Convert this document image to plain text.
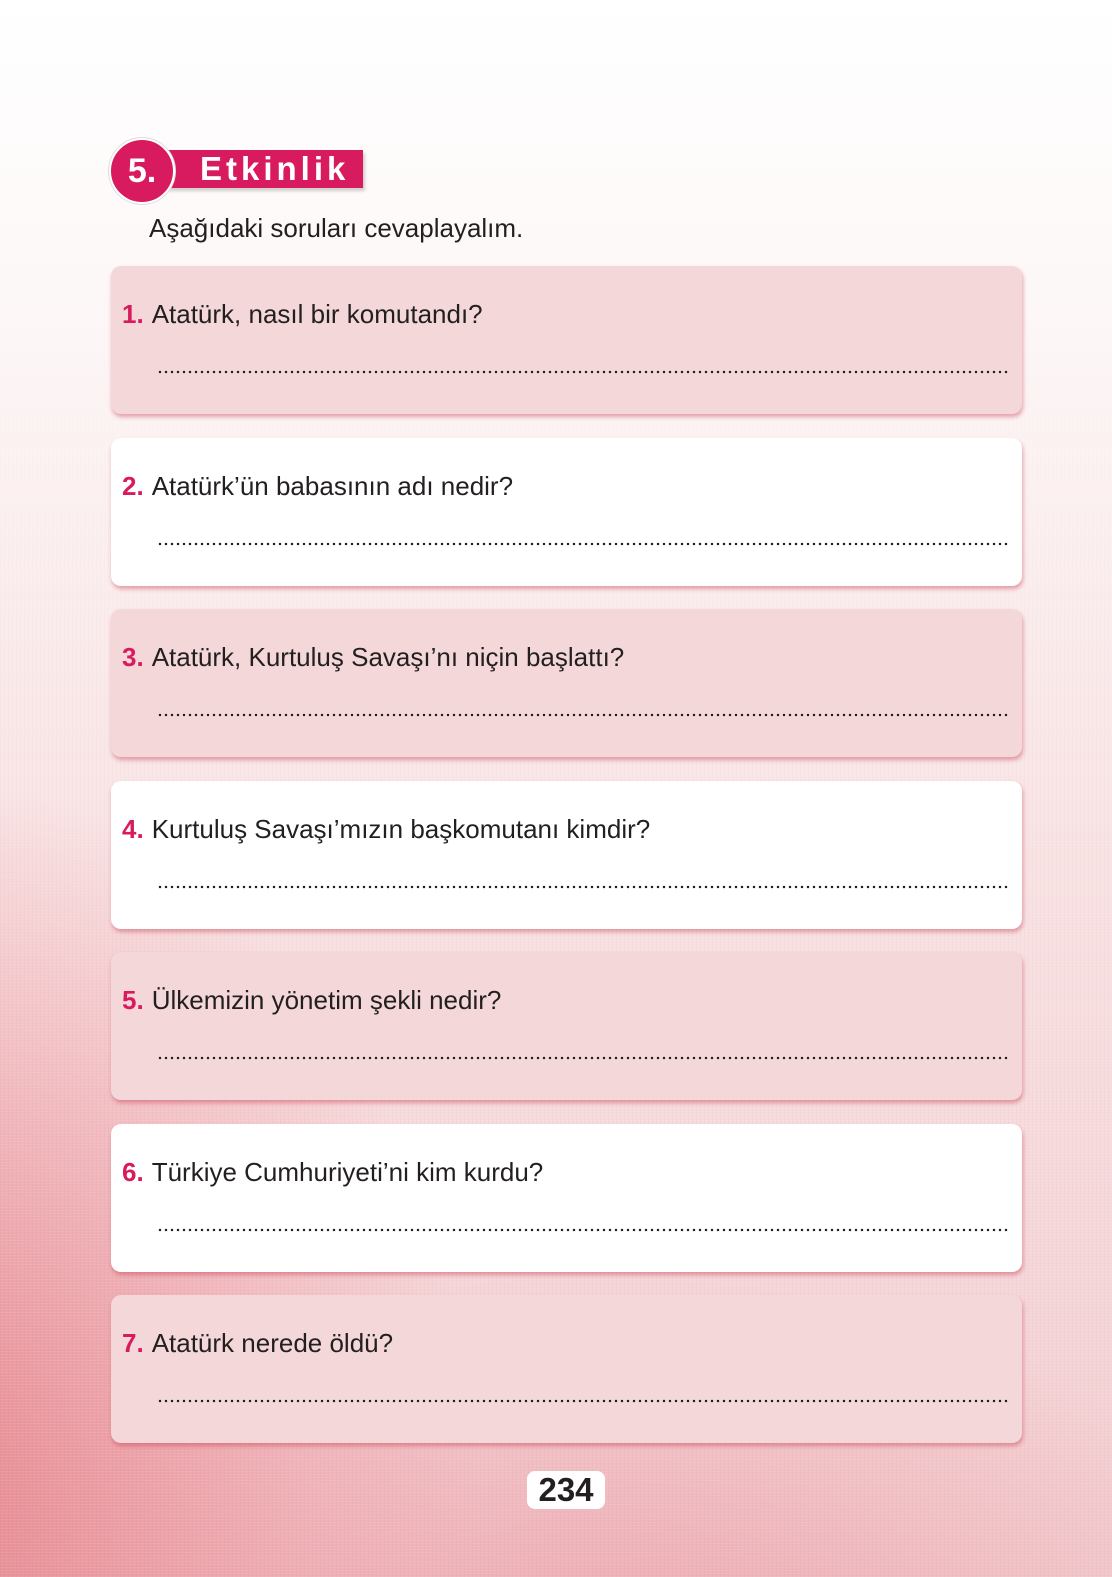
Etkinlik
5.
Aşağıdaki soruları cevaplayalım.
1. Atatürk, nasıl bir komutandı?
2. Atatürk’ün babasının adı nedir?
3. Atatürk, Kurtuluş Savaşı’nı niçin başlattı?
4. Kurtuluş Savaşı’mızın başkomutanı kimdir?
5. Ülkemizin yönetim şekli nedir?
6. Türkiye Cumhuriyeti’ni kim kurdu?
7. Atatürk nerede öldü?
234
